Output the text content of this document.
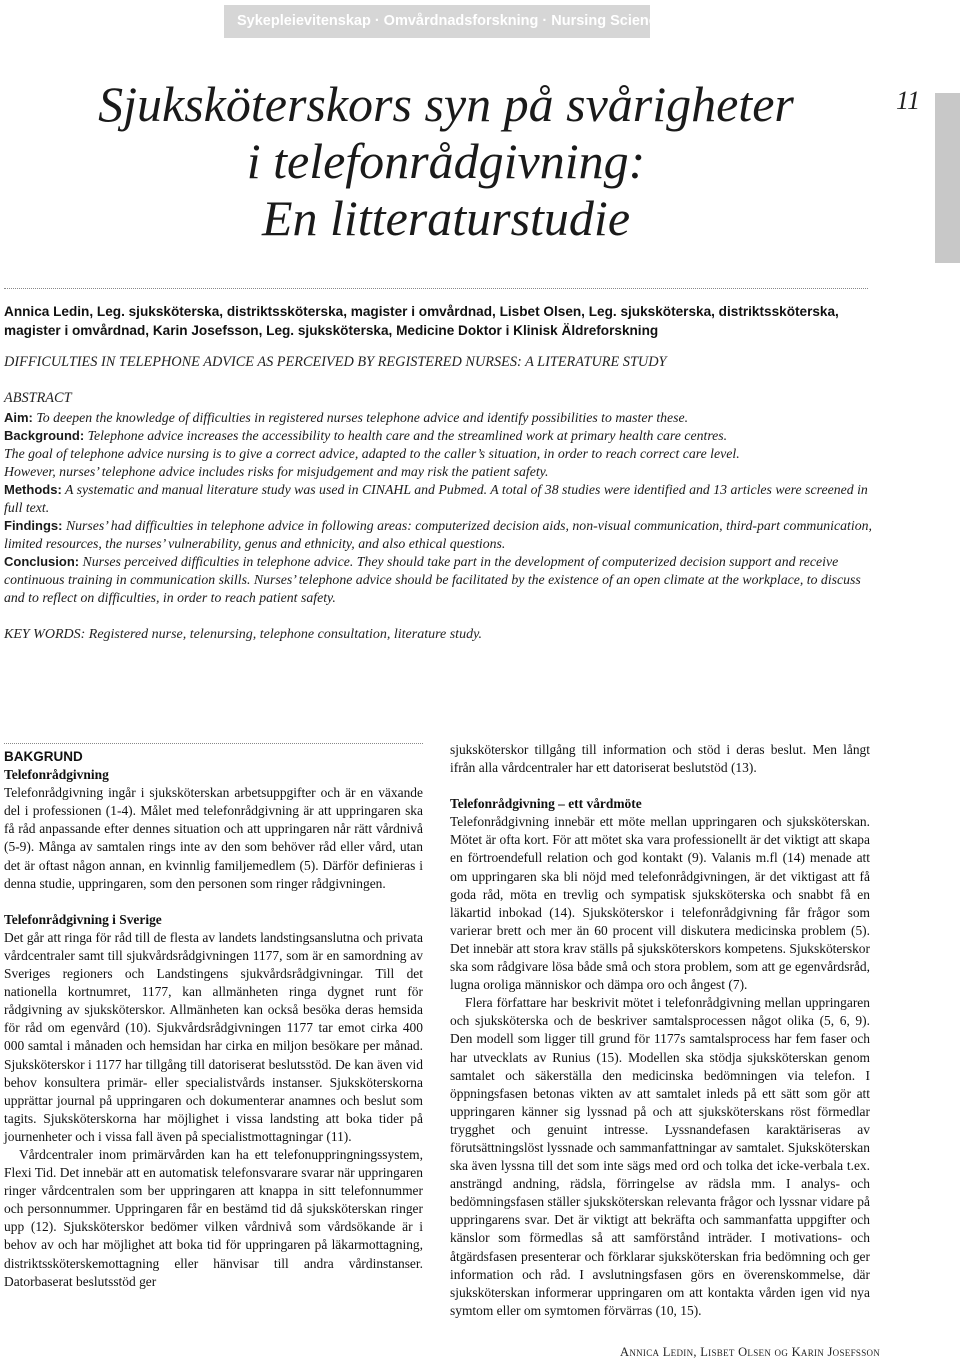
Sykepleievitenskap · Omvårdnadsforskning · Nursing Science
Sjuksköterskors syn på svårigheter
i telefonrådgivning:
En litteraturstudie
11
Annica Ledin, Leg. sjuksköterska, distriktssköterska, magister i omvårdnad, Lisbet Olsen, Leg. sjuksköterska, distriktssköterska, magister i omvårdnad, Karin Josefsson, Leg. sjuksköterska, Medicine Doktor i Klinisk Äldreforskning
DIFFICULTIES IN TELEPHONE ADVICE AS PERCEIVED BY REGISTERED NURSES: A LITERATURE STUDY
ABSTRACT

Aim: To deepen the knowledge of difficulties in registered nurses telephone advice and identify possibilities to master these.

Background: Telephone advice increases the accessibility to health care and the streamlined work at primary health care centres.

The goal of telephone advice nursing is to give a correct advice, adapted to the caller’s situation, in order to reach correct care level.

However, nurses’ telephone advice includes risks for misjudgement and may risk the patient safety.

Methods: A systematic and manual literature study was used in CINAHL and Pubmed. A total of 38 studies were identified and 13 articles were screened in full text.

Findings: Nurses’ had difficulties in telephone advice in following areas: computerized decision aids, non-visual communication, third-part communication, limited resources, the nurses’ vulnerability, genus and ethnicity, and also ethical questions.

Conclusion: Nurses perceived difficulties in telephone advice. They should take part in the development of computerized decision support and receive continuous training in communication skills. Nurses’ telephone advice should be facilitated by the existence of an open climate at the workplace, to discuss and to reflect on difficulties, in order to reach patient safety.

KEY WORDS: Registered nurse, telenursing, telephone consultation, literature study.

BAKGRUND

Telefonrådgivning

Telefonrådgivning ingår i sjuksköterskan arbetsuppgifter och är en växande del i professionen (1-4). Målet med telefonrådgivning är att uppringaren ska få råd anpassande efter dennes situation och att uppringaren når rätt vårdnivå (5-9). Många av samtalen rings inte av den som behöver råd eller vård, utan det är oftast någon annan, en kvinnlig familjemedlem (5). Därför definieras i denna studie, uppringaren, som den personen som ringer rådgivningen.

Telefonrådgivning i Sverige

Det går att ringa för råd till de flesta av landets landstingsanslutna och privata vårdcentraler samt till sjukvårdsrådgivningen 1177, som är en samordning av Sveriges regioners och Landstingens sjukvårdsrådgivningar. Till det nationella kortnumret, 1177, kan allmänheten ringa dygnet runt för rådgivning av sjuksköterskor. Allmänheten kan också besöka deras hemsida för råd om egenvård (10). Sjukvårdsrådgivningen 1177 tar emot cirka 400 000 samtal i månaden och hemsidan har cirka en miljon besökare per månad. Sjuksköterskor i 1177 har tillgång till datoriserat beslutsstöd. De kan även vid behov konsultera primär- eller specialistvårds instanser. Sjuksköterskorna upprättar journal på uppringaren och dokumenterar anamnes och beslut som tagits. Sjuksköterskorna har möjlighet i vissa landsting att boka tider på journenheter och i vissa fall även på specialistmottagningar (11).

Vårdcentraler inom primärvården kan ha ett telefonuppringningssystem, Flexi Tid. Det innebär att en automatisk telefonsvarare svarar när uppringaren ringer vårdcentralen som ber uppringaren att knappa in sitt telefonnummer och personnummer. Uppringaren får en bestämd tid då sjuksköterskan ringer upp (12). Sjuksköterskor bedömer vilken vårdnivå som vårdsökande är i behov av och har möjlighet att boka tid för uppringaren på läkarmottagning, distriktssköterskemottagning eller hänvisar till andra vårdinstanser. Datorbaserat beslutsstöd ger

sjuksköterskor tillgång till information och stöd i deras beslut. Men långt ifrån alla vårdcentraler har ett datoriserat beslutstöd (13).

Telefonrådgivning – ett vårdmöte

Telefonrådgivning innebär ett möte mellan uppringaren och sjuksköterskan. Mötet är ofta kort. För att mötet ska vara professionellt är det viktigt att skapa en förtroendefull relation och god kontakt (9). Valanis m.fl (14) menade att om uppringaren ska bli nöjd med telefonrådgivningen, är det viktigast att få goda råd, möta en trevlig och sympatisk sjuksköterska och snabbt få en läkartid inbokad (14). Sjuksköterskor i telefonrådgivning får frågor som varierar brett och mer än 60 procent vill diskutera medicinska problem (5). Det innebär att stora krav ställs på sjuksköterskors kompetens. Sjuksköterskor ska som rådgivare lösa både små och stora problem, som att ge egenvårdsråd, lugna oroliga människor och dämpa oro och ångest (7).

Flera författare har beskrivit mötet i telefonrådgivning mellan uppringaren och sjuksköterska och de beskriver samtalsprocessen något olika (5, 6, 9). Den modell som ligger till grund för 1177s samtalsprocess har fem faser och har utvecklats av Runius (15). Modellen ska stödja sjuksköterskan genom samtalet och säkerställa den medicinska bedömningen via telefon. I öppningsfasen betonas vikten av att samtalet inleds på ett sätt som gör att uppringaren känner sig lyssnad på och att sjuksköterskans röst förmedlar trygghet och genuint intresse. Lyssnandefasen karaktäriseras av förutsättningslöst lyssnade och sammanfattningar av samtalet. Sjuksköterskan ska även lyssna till det som inte sägs med ord och tolka det icke-verbala t.ex. ansträngd andning, rädsla, förringelse av rädsla mm. I analys- och bedömningsfasen ställer sjuksköterskan relevanta frågor och lyssnar vidare på uppringarens svar. Det är viktigt att bekräfta och sammanfatta uppgifter och känslor som förmedlas så att samförstånd inträder. I motivations- och åtgärdsfasen presenterar och förklarar sjuksköterskan fria bedömning och ger information och råd. I avslutningsfasen görs en överenskommelse, där sjuksköterskan informerar uppringaren om att kontakta vården igen vid nya symtom eller om symtomen förvärras (10, 15).

Annica Ledin, Lisbet Olsen og Karin Josefsson
